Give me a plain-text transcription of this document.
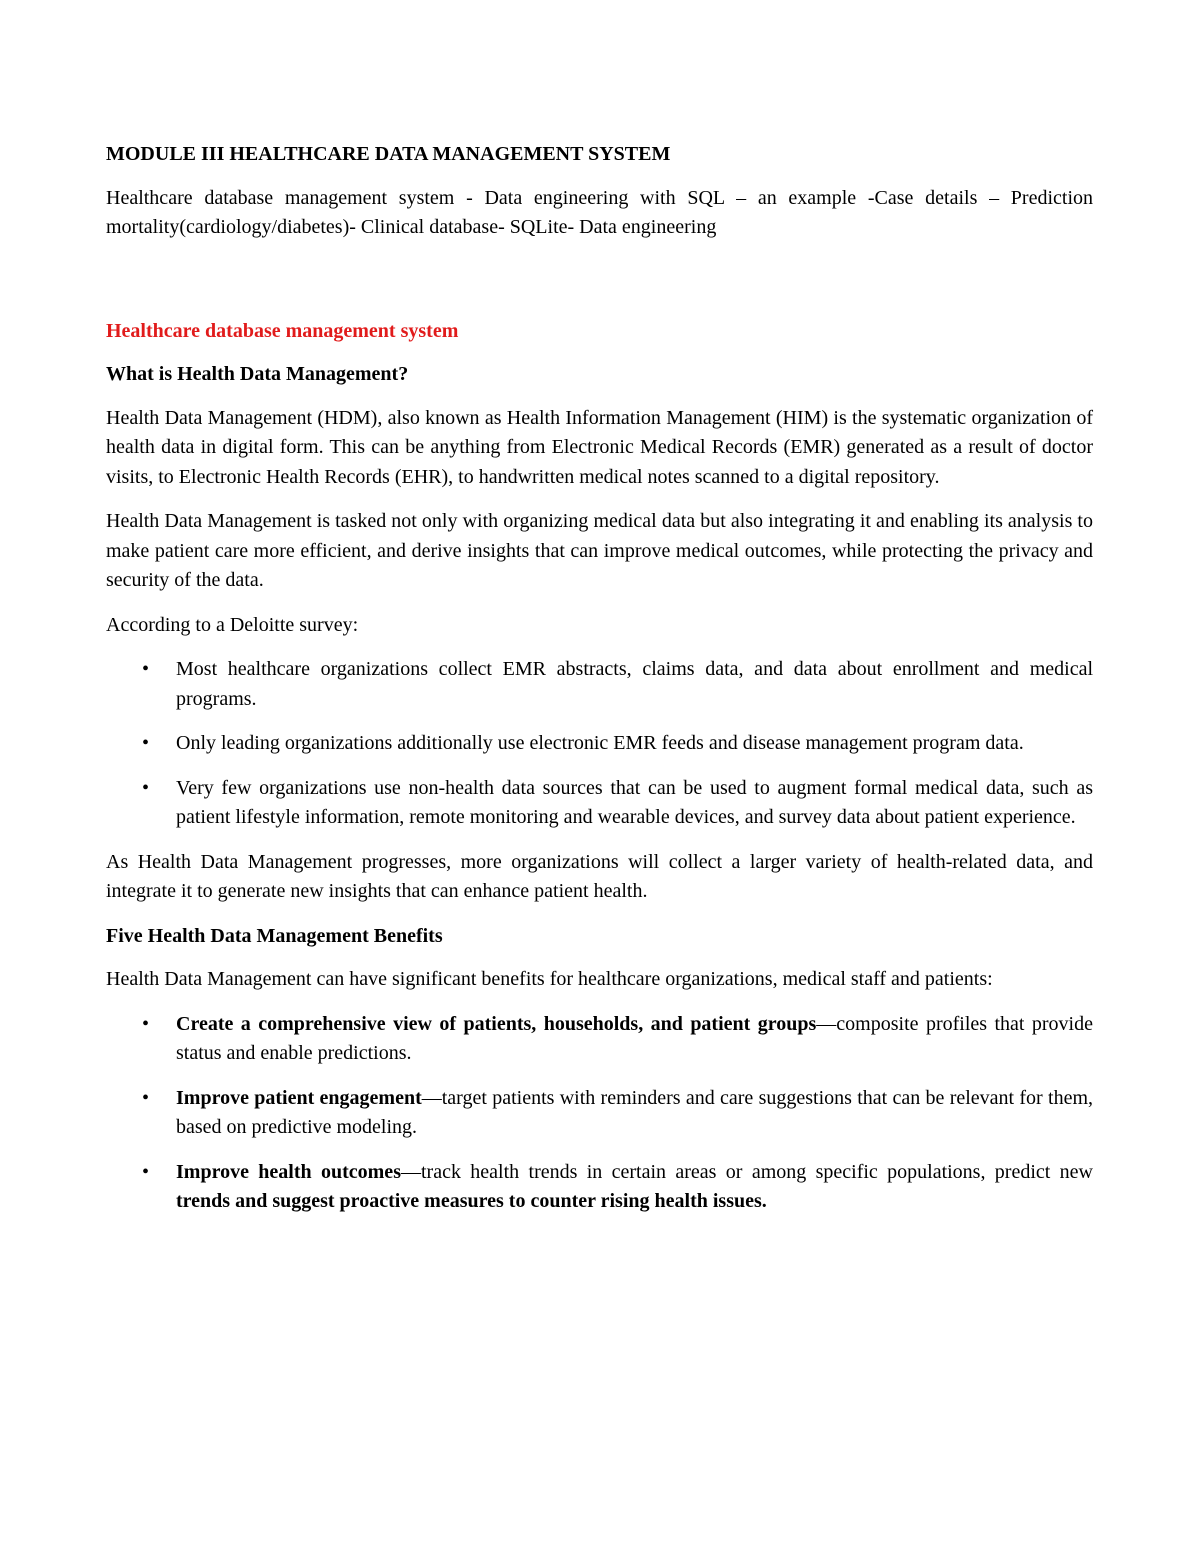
MODULE III HEALTHCARE DATA MANAGEMENT SYSTEM

Healthcare database management system - Data engineering with SQL – an example -Case details – Prediction mortality(cardiology/diabetes)- Clinical database- SQLite- Data engineering

Healthcare database management system
What is Health Data Management?

Health Data Management (HDM), also known as Health Information Management (HIM) is the systematic organization of health data in digital form. This can be anything from Electronic Medical Records (EMR) generated as a result of doctor visits, to Electronic Health Records (EHR), to handwritten medical notes scanned to a digital repository.

Health Data Management is tasked not only with organizing medical data but also integrating it and enabling its analysis to make patient care more efficient, and derive insights that can improve medical outcomes, while protecting the privacy and security of the data.

According to a Deloitte survey:

• Most healthcare organizations collect EMR abstracts, claims data, and data about enrollment and medical programs.
• Only leading organizations additionally use electronic EMR feeds and disease management program data.
• Very few organizations use non-health data sources that can be used to augment formal medical data, such as patient lifestyle information, remote monitoring and wearable devices, and survey data about patient experience.

As Health Data Management progresses, more organizations will collect a larger variety of health-related data, and integrate it to generate new insights that can enhance patient health.

Five Health Data Management Benefits

Health Data Management can have significant benefits for healthcare organizations, medical staff and patients:

• Create a comprehensive view of patients, households, and patient groups—composite profiles that provide status and enable predictions.
• Improve patient engagement—target patients with reminders and care suggestions that can be relevant for them, based on predictive modeling.
• Improve health outcomes—track health trends in certain areas or among specific populations, predict new trends and suggest proactive measures to counter rising health issues.
